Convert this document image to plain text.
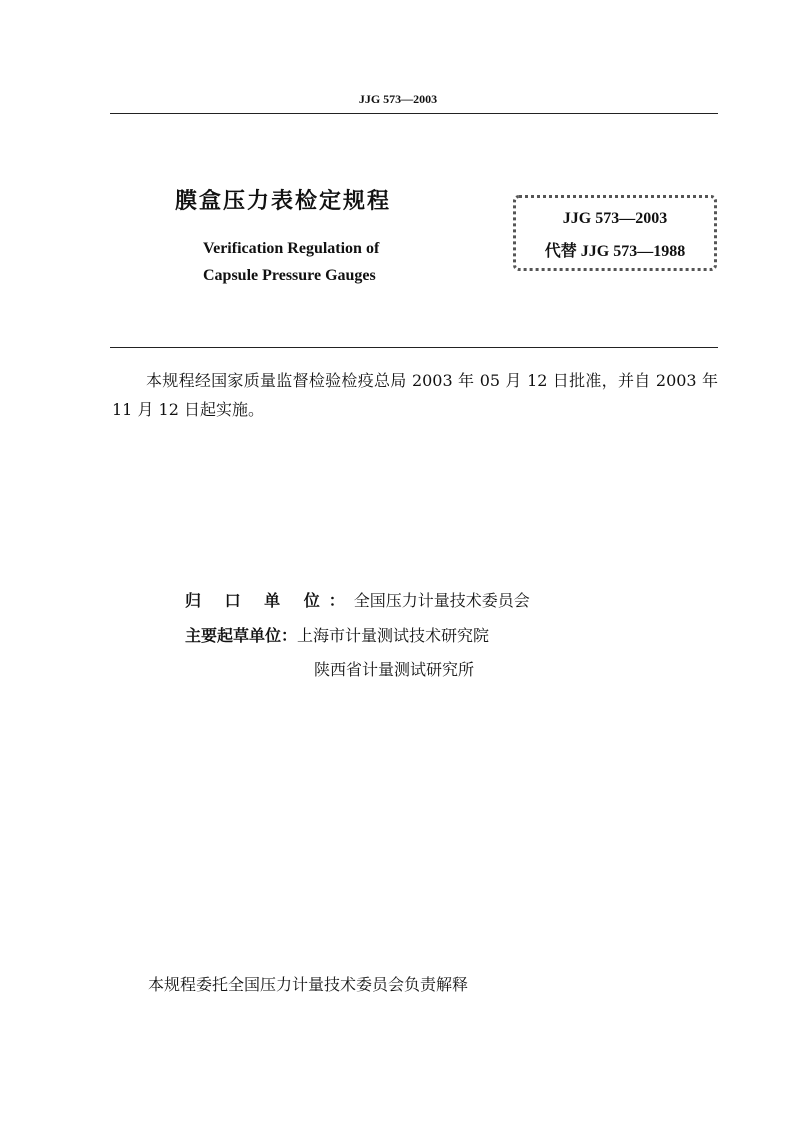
JJG 573—2003
膜盒压力表检定规程
Verification Regulation of
Capsule Pressure Gauges
JJG 573—2003
代替 JJG 573—1988
本规程经国家质量监督检验检疫总局 2003 年 05 月 12 日批准，并自 2003 年 11 月 12 日起实施。
归 口 单 位：全国压力计量技术委员会
主要起草单位：上海市计量测试技术研究院
陕西省计量测试研究所
本规程委托全国压力计量技术委员会负责解释
